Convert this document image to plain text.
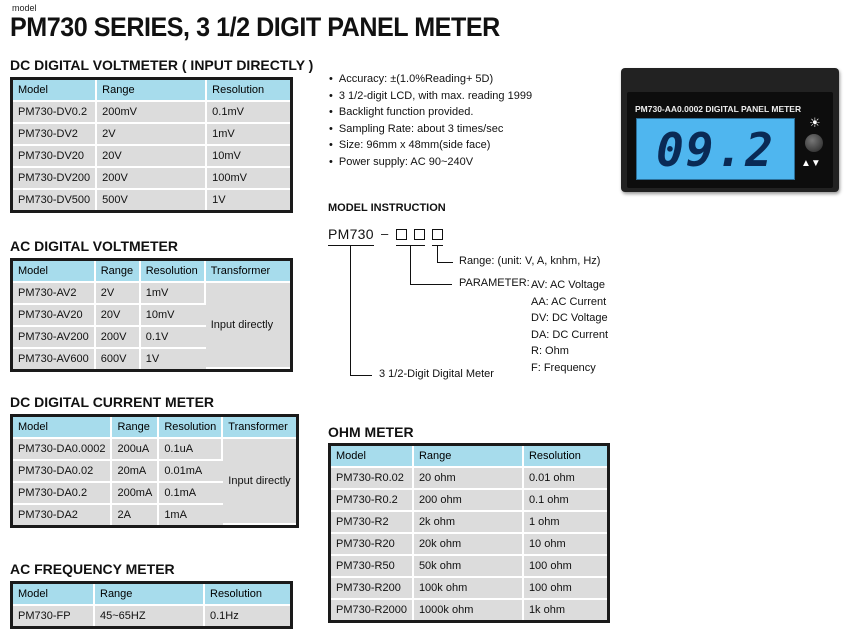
model
PM730 SERIES, 3 1/2 DIGIT PANEL METER
DC DIGITAL VOLTMETER ( INPUT DIRECTLY )
Model	Range	Resolution
PM730-DV0.2	200mV	0.1mV
PM730-DV2	2V	1mV
PM730-DV20	20V	10mV
PM730-DV200	200V	100mV
PM730-DV500	500V	1V
AC DIGITAL VOLTMETER
Model	Range	Resolution	Transformer
PM730-AV2	2V	1mV	Input directly
PM730-AV20	20V	10mV	
PM730-AV200	200V	0.1V	
PM730-AV600	600V	1V	
DC DIGITAL CURRENT METER
Model	Range	Resolution	Transformer
PM730-DA0.0002	200uA	0.1uA	Input directly
PM730-DA0.02	20mA	0.01mA	
PM730-DA0.2	200mA	0.1mA	
PM730-DA2	2A	1mA	
AC FREQUENCY METER
Model	Range	Resolution
PM730-FP	45~65HZ	0.1Hz
• Accuracy: ±(1.0%Reading+ 5D)
• 3 1/2-digit LCD, with max. reading 1999
• Backlight function provided.
• Sampling Rate: about 3 times/sec
• Size: 96mm x 48mm(side face)
• Power supply: AC 90~240V
PM730-AA0.0002 DIGITAL PANEL METER
09.2
☀
▲▼
MODEL INSTRUCTION
PM730 –
Range: (unit: V, A, knhm, Hz)
PARAMETER: AV: AC Voltage
AA: AC Current
DV: DC Voltage
DA: DC Current
R: Ohm
F: Frequency
3 1/2-Digit Digital Meter
OHM METER
Model	Range	Resolution
PM730-R0.02	20 ohm	0.01 ohm
PM730-R0.2	200 ohm	0.1 ohm
PM730-R2	2k ohm	1 ohm
PM730-R20	20k ohm	10 ohm
PM730-R50	50k ohm	100 ohm
PM730-R200	100k ohm	100 ohm
PM730-R2000	1000k ohm	1k ohm
